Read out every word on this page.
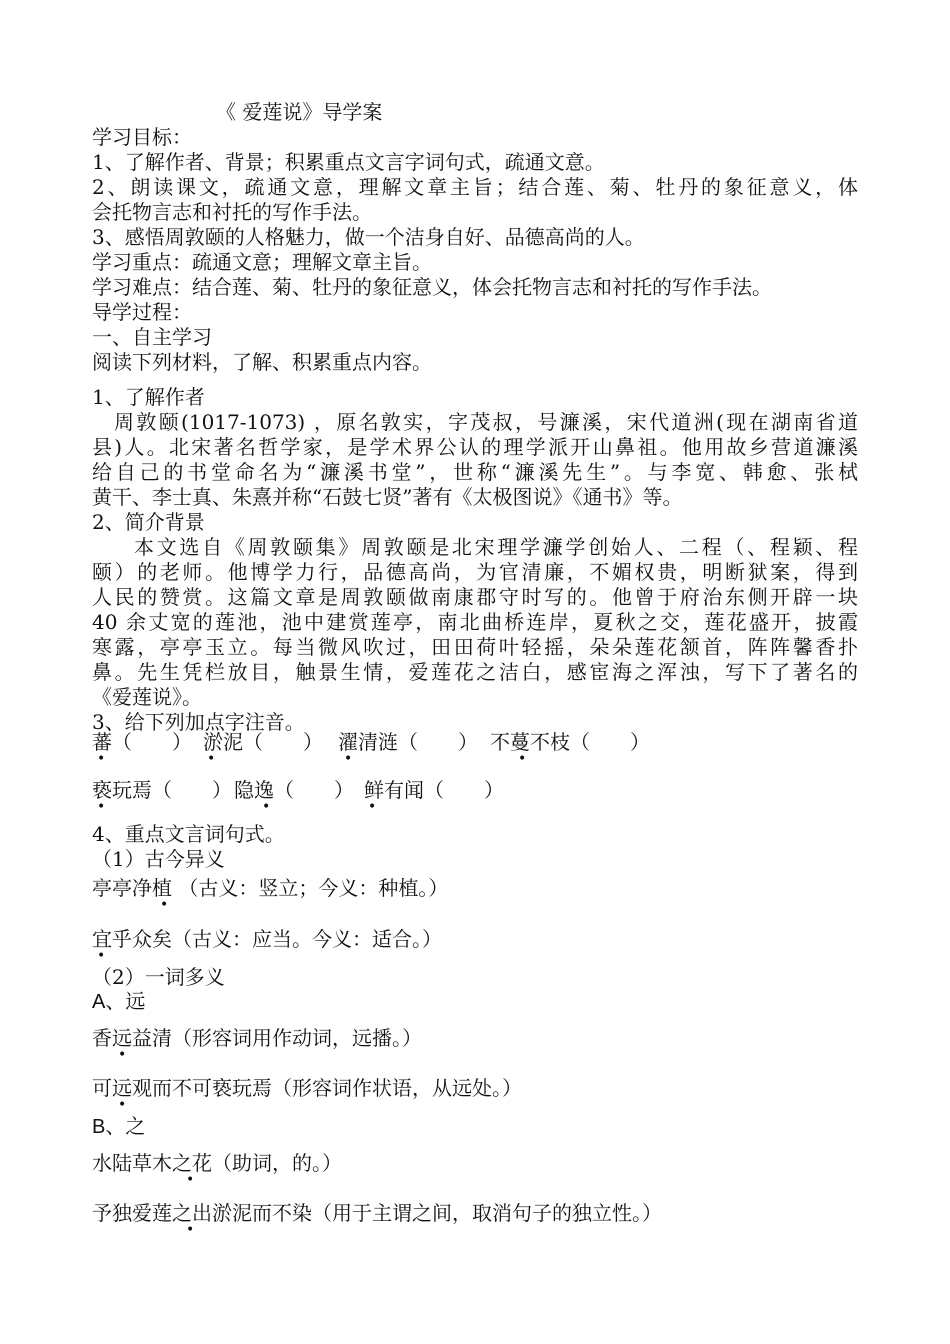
《 爱莲说》导学案
学习目标：
1、了解作者、背景；积累重点文言字词句式，疏通文意。
2、朗读课文，疏通文意，理解文章主旨；结合莲、菊、牡丹的象征意义，体
会托物言志和衬托的写作手法。
3、感悟周敦颐的人格魅力，做一个洁身自好、品德高尚的人。
学习重点：疏通文意；理解文章主旨。
学习难点：结合莲、菊、牡丹的象征意义，体会托物言志和衬托的写作手法。
导学过程：
一、自主学习
阅读下列材料，了解、积累重点内容。
1、了解作者
周敦颐(1017-1073) ，原名敦实，字茂叔，号濂溪，宋代道洲(现在湖南省道
县)人。北宋著名哲学家，是学术界公认的理学派开山鼻祖。他用故乡营道濂溪
给自己的书堂命名为“濂溪书堂”，世称“濂溪先生”。与李宽、韩愈、张栻
黄干、李士真、朱熹并称“石鼓七贤”著有《太极图说》《通书》等。
2、简介背景
本文选自《周敦颐集》周敦颐是北宋理学濂学创始人、二程（、程颖、程
颐）的老师。他博学力行，品德高尚，为官清廉，不媚权贵，明断狱案，得到
人民的赞赏。这篇文章是周敦颐做南康郡守时写的。他曾于府治东侧开辟一块
40 余丈宽的莲池，池中建赏莲亭，南北曲桥连岸，夏秋之交，莲花盛开，披霞
寒露，亭亭玉立。每当微风吹过，田田荷叶轻摇，朵朵莲花颔首，阵阵馨香扑
鼻。先生凭栏放目，触景生情，爱莲花之洁白，感宦海之浑浊，写下了著名的
《爱莲说》。
3、给下列加点字注音。
蕃（　　） 淤泥（　　） 濯清涟（　　） 不蔓不枝（　　）
•	•	•	•
亵玩焉（　　） 隐逸（　　） 鲜有闻（　　）
•	•	•
4、重点文言词句式。
（1）古今异义
亭亭净植 （古义：竖立；今义：种植。）
•
宜乎众矣（古义：应当。今义：适合。）
•
（2）一词多义
A、远
香远益清（形容词用作动词，远播。）
•
可远观而不可亵玩焉（形容词作状语，从远处。）
•
B、之
水陆草木之花（助词，的。）
•
予独爱莲之出淤泥而不染（用于主谓之间，取消句子的独立性。）
•
